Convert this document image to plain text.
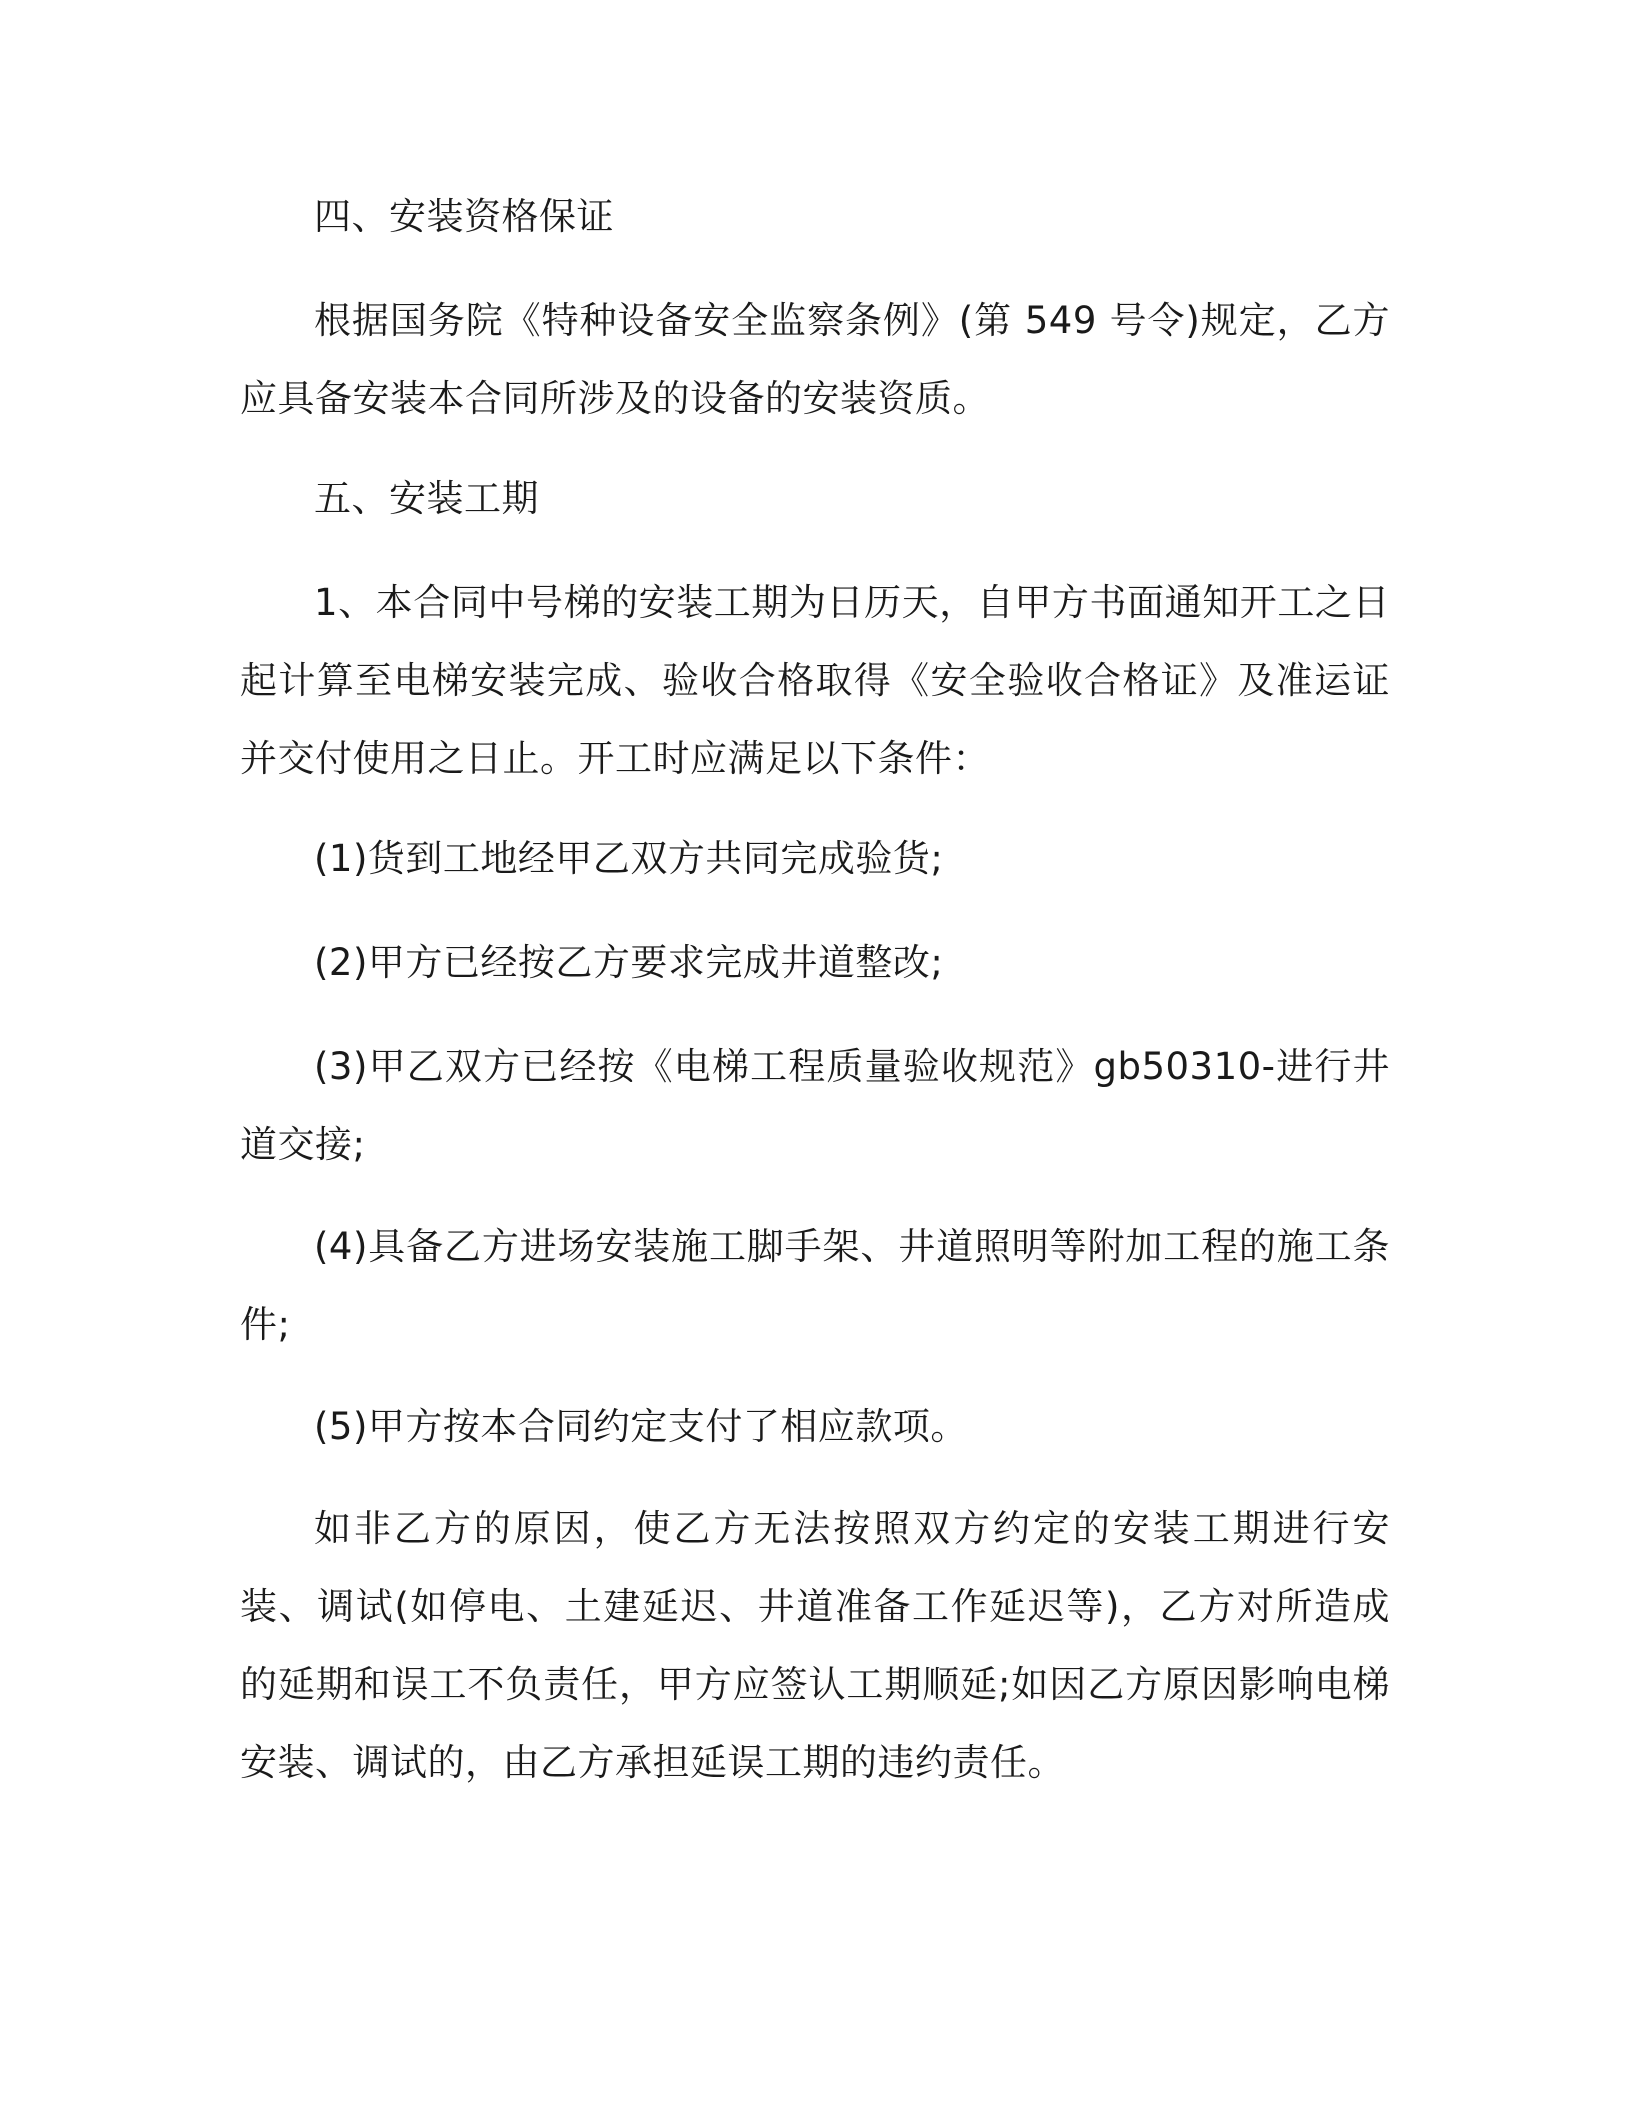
四、安装资格保证

根据国务院《特种设备安全监察条例》(第 549 号令)规定，乙方应具备安装本合同所涉及的设备的安装资质。

五、安装工期

1、本合同中号梯的安装工期为日历天，自甲方书面通知开工之日起计算至电梯安装完成、验收合格取得《安全验收合格证》及准运证并交付使用之日止。开工时应满足以下条件：

(1)货到工地经甲乙双方共同完成验货;

(2)甲方已经按乙方要求完成井道整改;

(3)甲乙双方已经按《电梯工程质量验收规范》gb50310-进行井道交接;

(4)具备乙方进场安装施工脚手架、井道照明等附加工程的施工条件;

(5)甲方按本合同约定支付了相应款项。

如非乙方的原因，使乙方无法按照双方约定的安装工期进行安装、调试(如停电、土建延迟、井道准备工作延迟等)，乙方对所造成的延期和误工不负责任，甲方应签认工期顺延;如因乙方原因影响电梯安装、调试的，由乙方承担延误工期的违约责任。
